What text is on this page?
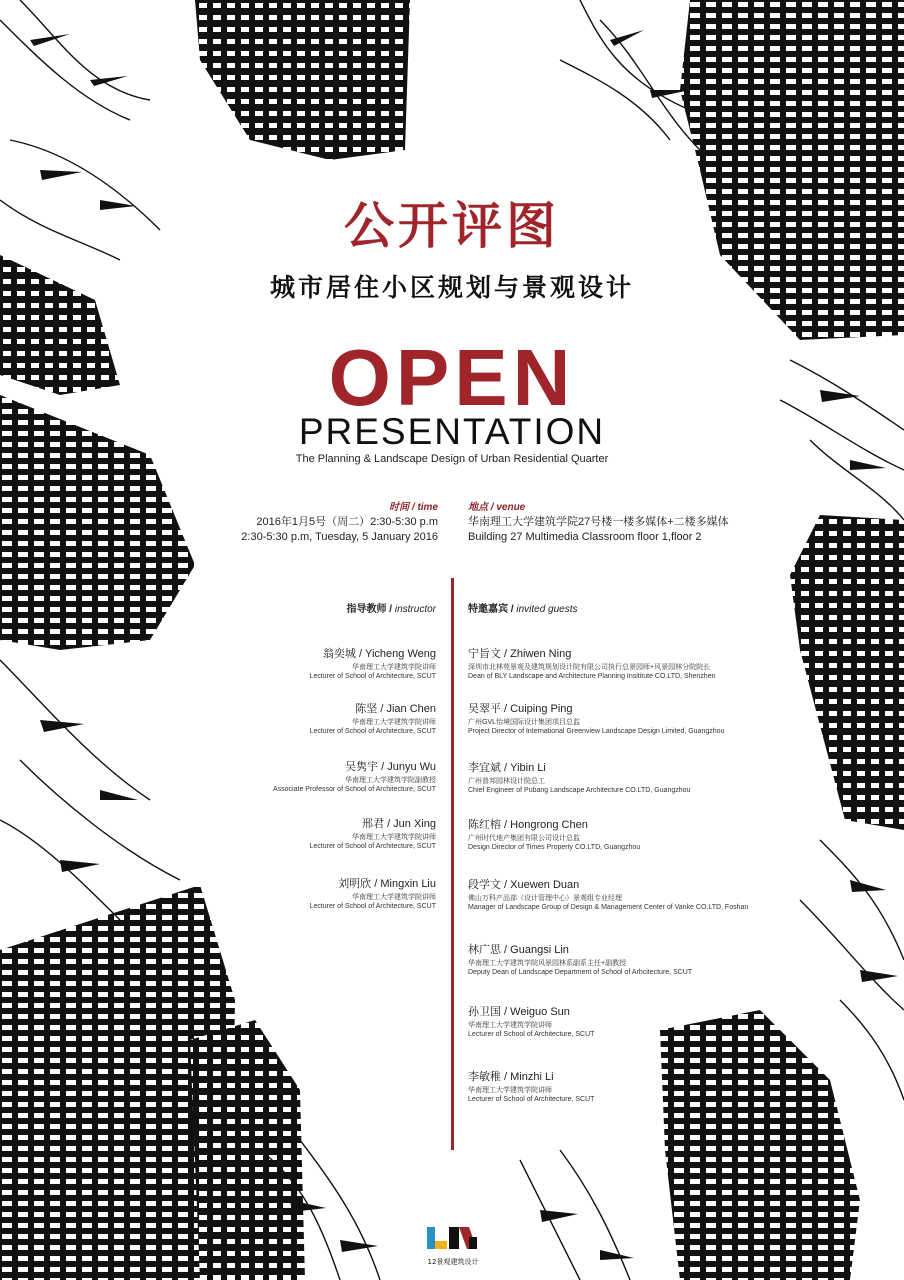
公开评图
城市居住小区规划与景观设计
OPEN
PRESENTATION
The Planning & Landscape Design of Urban Residential Quarter
时间 / time
2016年1月5号（周二）2:30-5:30 p.m
2:30-5:30 p.m, Tuesday, 5 January 2016
地点 / venue
华南理工大学建筑学院27号楼一楼多媒体+二楼多媒体
Building 27 Multimedia Classroom floor 1,floor 2
指导教师 / instructor	特邀嘉宾 / invited guests
翁奕城 / Yicheng Weng
华南理工大学建筑学院讲师
Lecturer of School of Architecture, SCUT
陈坚 / Jian Chen
华南理工大学建筑学院讲师
Lecturer of School of Architecture, SCUT
吴隽宇 / Junyu Wu
华南理工大学建筑学院副教授
Associate Professor of School of Architecture, SCUT
邢君 / Jun Xing
华南理工大学建筑学院讲师
Lecturer of School of Architecture, SCUT
刘明欣 / Mingxin Liu
华南理工大学建筑学院讲师
Lecturer of School of Architecture, SCUT
宁旨文 / Zhiwen Ning
深圳市北林苑景观及建筑规划设计院有限公司执行总景园师+风景园林分院院长
Dean of BLY Landscape and Architecture Planning Insititute CO.LTD, Shenzhen
吴翠平 / Cuiping Ping
广州GVL怡境国际设计集团项目总监
Project Director of International Greenview Landscape Design Limited, Guangzhou
李宜斌 / Yibin Li
广州普邦园林设计院总工
Chief Engineer of Pubang Landscape Architecture CO.LTD, Guangzhou
陈红榕 / Hongrong Chen
广州时代地产集团有限公司设计总监
Design Director of Times Property CO.LTD, Guangzhou
段学文 / Xuewen Duan
佛山万科产品部（设计管理中心）景观组专业经理
Manager of Landscape Group of Design & Management Center of Vanke CO.LTD, Foshan
林广思 / Guangsi Lin
华南理工大学建筑学院风景园林系副系主任+副教授
Deputy Dean of Landscape Department of School of Arhcitecture, SCUT
孙卫国 / Weiguo Sun
华南理工大学建筑学院讲师
Lecturer of School of Architecture, SCUT
李敏稚 / Minzhi Li
华南理工大学建筑学院讲师
Lecturer of School of Architecture, SCUT
12景观建筑设计
